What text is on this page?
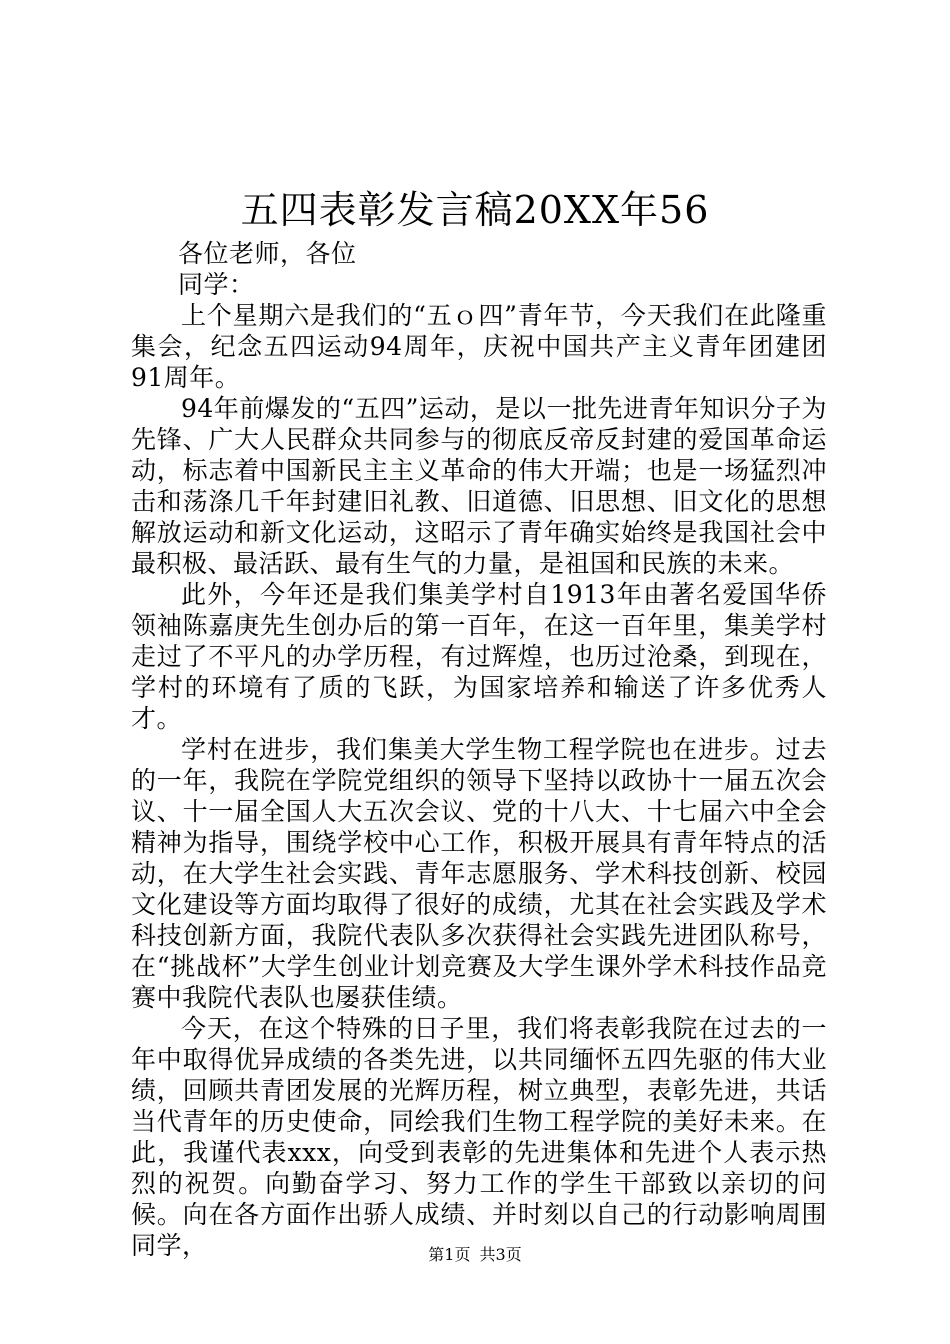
五四表彰发言稿20XX年56

各位老师，各位

同学：

上个星期六是我们的“五ｏ四”青年节，今天我们在此隆重集会，纪念五四运动94周年，庆祝中国共产主义青年团建团91周年。

94年前爆发的“五四”运动，是以一批先进青年知识分子为先锋、广大人民群众共同参与的彻底反帝反封建的爱国革命运动，标志着中国新民主主义革命的伟大开端；也是一场猛烈冲击和荡涤几千年封建旧礼教、旧道德、旧思想、旧文化的思想解放运动和新文化运动，这昭示了青年确实始终是我国社会中最积极、最活跃、最有生气的力量，是祖国和民族的未来。

此外，今年还是我们集美学村自1913年由著名爱国华侨领袖陈嘉庚先生创办后的第一百年，在这一百年里，集美学村走过了不平凡的办学历程，有过辉煌，也历过沧桑，到现在，学村的环境有了质的飞跃，为国家培养和输送了许多优秀人才。

学村在进步，我们集美大学生物工程学院也在进步。过去的一年，我院在学院党组织的领导下坚持以政协十一届五次会议、十一届全国人大五次会议、党的十八大、十七届六中全会精神为指导，围绕学校中心工作，积极开展具有青年特点的活动，在大学生社会实践、青年志愿服务、学术科技创新、校园文化建设等方面均取得了很好的成绩，尤其在社会实践及学术科技创新方面，我院代表队多次获得社会实践先进团队称号，在“挑战杯”大学生创业计划竞赛及大学生课外学术科技作品竞赛中我院代表队也屡获佳绩。

今天，在这个特殊的日子里，我们将表彰我院在过去的一年中取得优异成绩的各类先进，以共同缅怀五四先驱的伟大业绩，回顾共青团发展的光辉历程，树立典型，表彰先进，共话当代青年的历史使命，同绘我们生物工程学院的美好未来。在此，我谨代表xxx，向受到表彰的先进集体和先进个人表示热烈的祝贺。向勤奋学习、努力工作的学生干部致以亲切的问候。向在各方面作出骄人成绩、并时刻以自己的行动影响周围同学，	第1页 共3页
